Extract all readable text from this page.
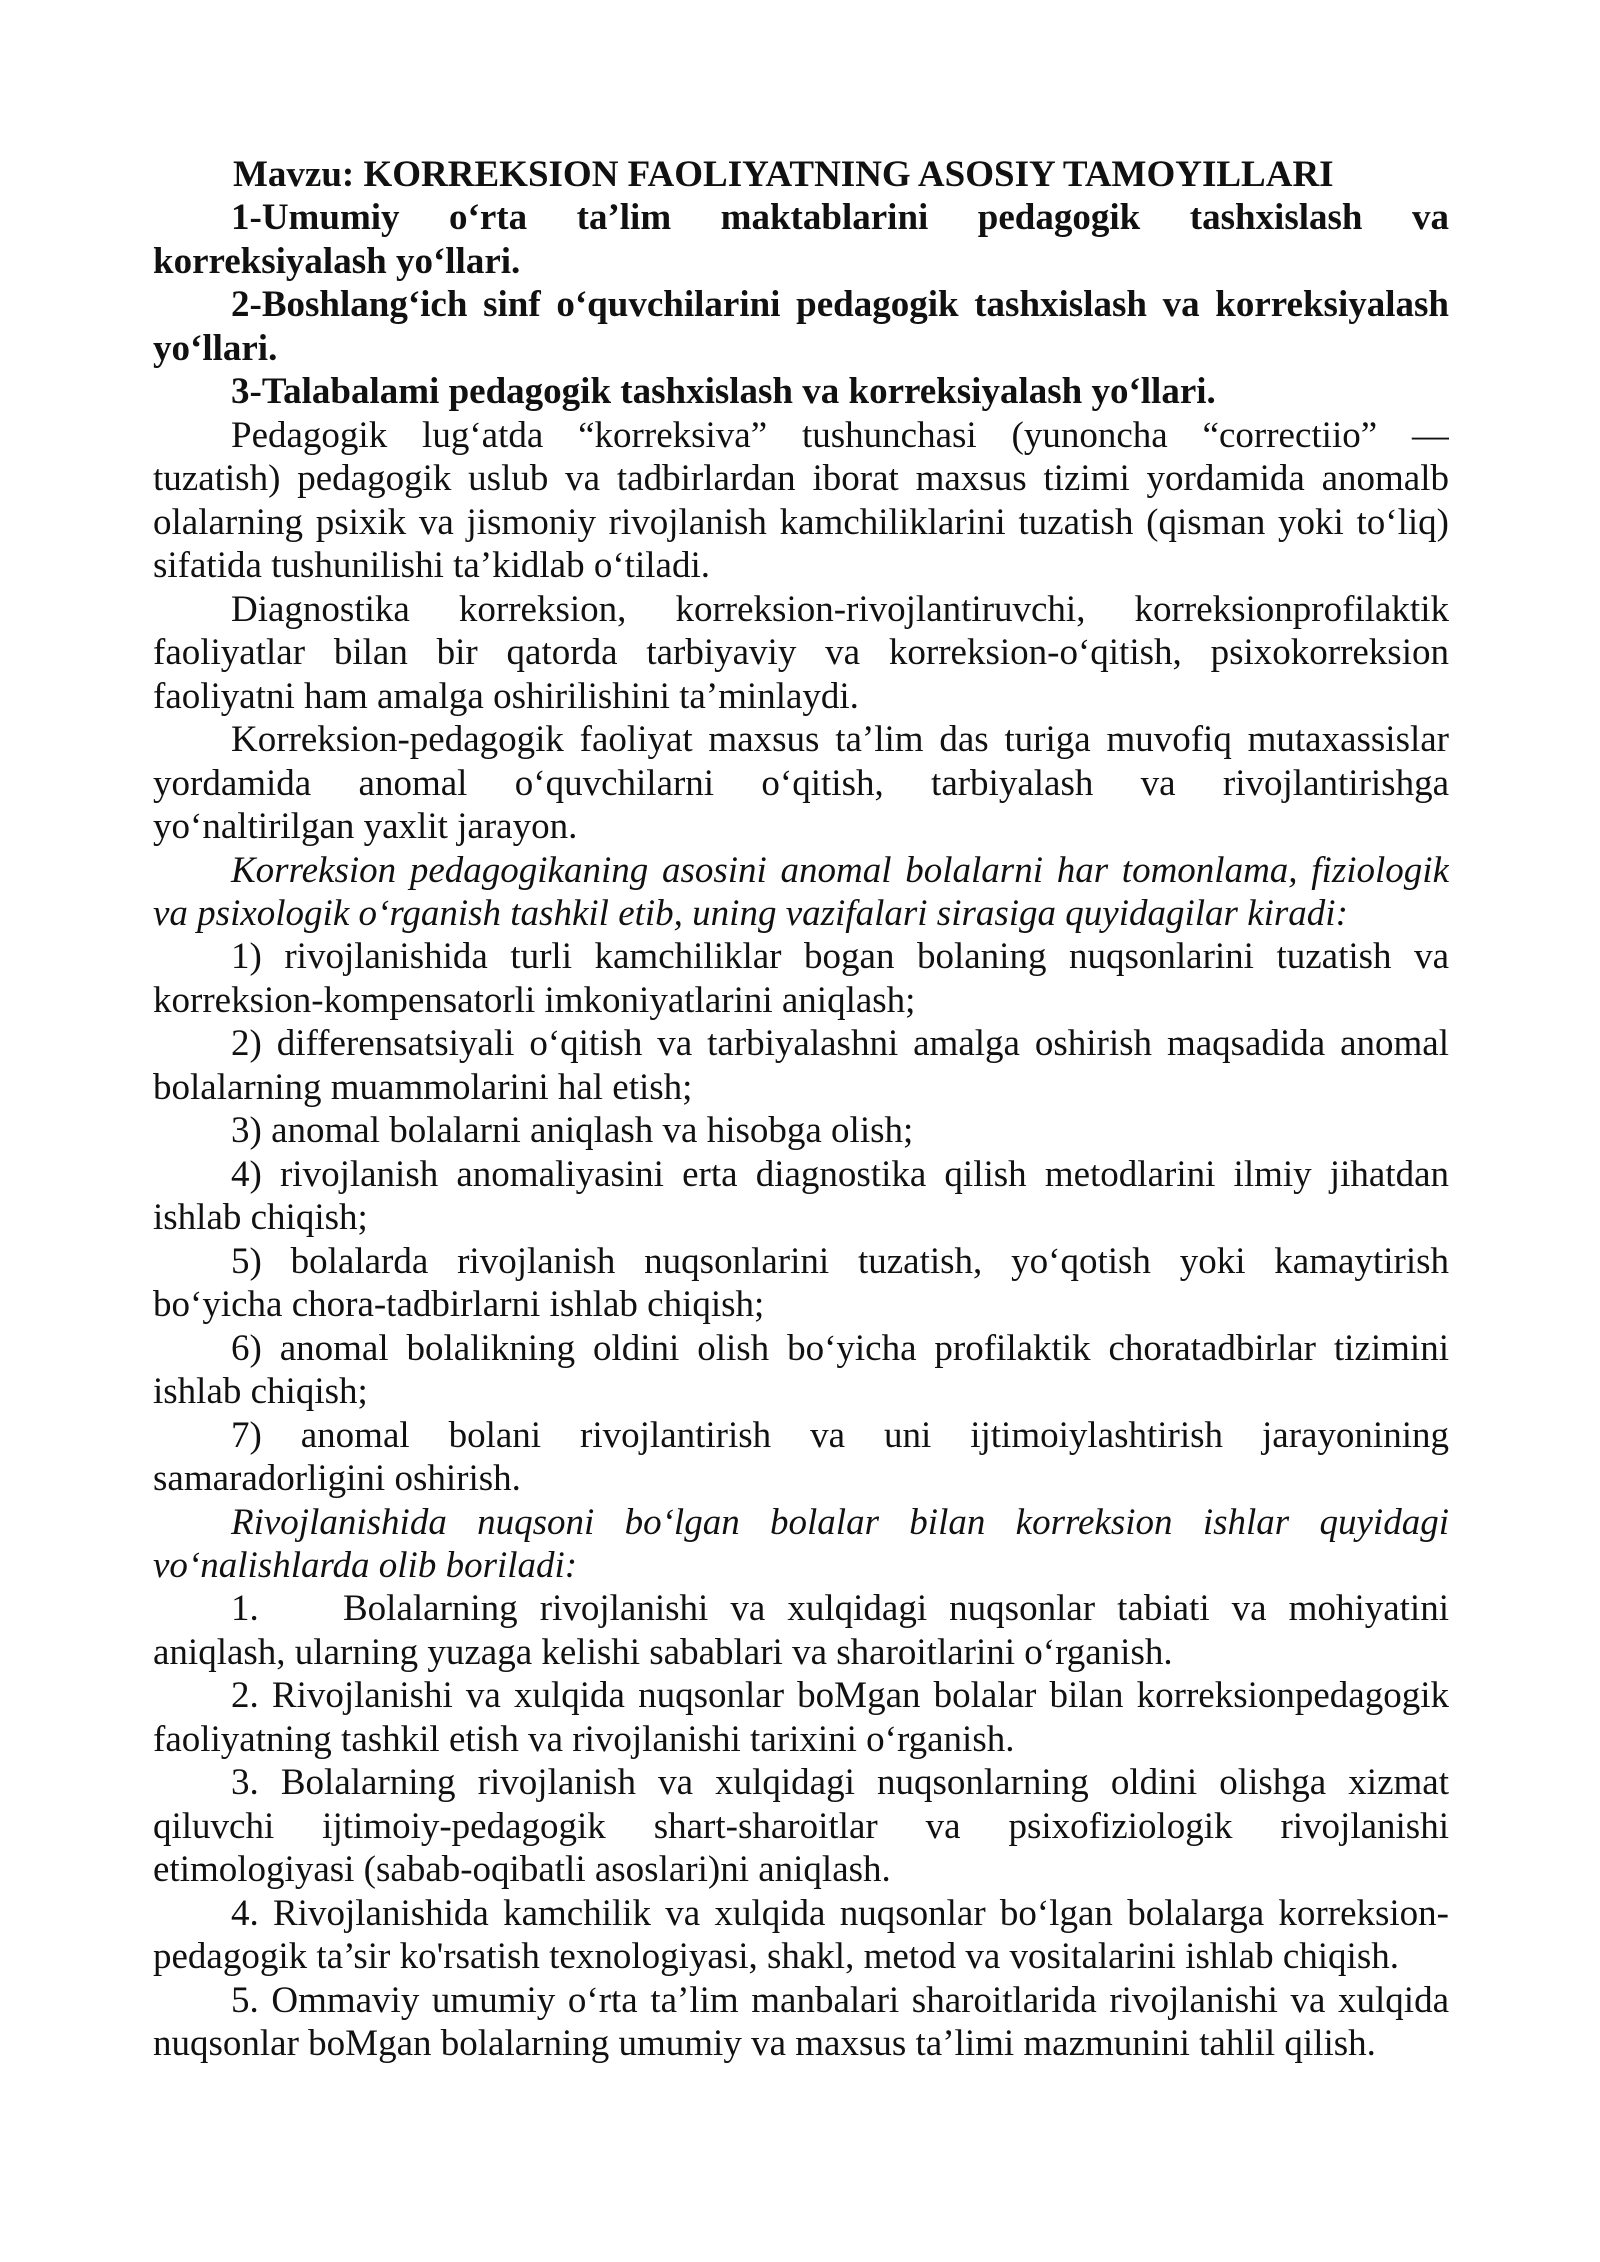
Mavzu: KORREKSION FAOLIYATNING ASOSIY TAMOYILLARI
1-Umumiy o‘rta ta’lim maktablarini pedagogik tashxislash va
korreksiyalash yo‘llari.
2-Boshlang‘ich sinf o‘quvchilarini pedagogik tashxislash va korreksiyalash
yo‘llari.
3-Talabalami pedagogik tashxislash va korreksiyalash yo‘llari.
Pedagogik lug‘atda “korreksiva” tushunchasi (yunoncha “correctiio” —
tuzatish) pedagogik uslub va tadbirlardan iborat maxsus tizimi yordamida anomalb
olalarning psixik va jismoniy rivojlanish kamchiliklarini tuzatish (qisman yoki to‘liq)
sifatida tushunilishi ta’kidlab o‘tiladi.
Diagnostika korreksion, korreksion-rivojlantiruvchi, korreksionprofilaktik
faoliyatlar bilan bir qatorda tarbiyaviy va korreksion-o‘qitish, psixokorreksion
faoliyatni ham amalga oshirilishini ta’minlaydi.
Korreksion-pedagogik faoliyat maxsus ta’lim das turiga muvofiq mutaxassislar
yordamida anomal o‘quvchilarni o‘qitish, tarbiyalash va rivojlantirishga
yo‘naltirilgan yaxlit jarayon.
Korreksion pedagogikaning asosini anomal bolalarni har tomonlama, fiziologik
va psixologik o‘rganish tashkil etib, uning vazifalari sirasiga quyidagilar kiradi:
1) rivojlanishida turli kamchiliklar bogan bolaning nuqsonlarini tuzatish va
korreksion-kompensatorli imkoniyatlarini aniqlash;
2) differensatsiyali o‘qitish va tarbiyalashni amalga oshirish maqsadida anomal
bolalarning muammolarini hal etish;
3) anomal bolalarni aniqlash va hisobga olish;
4) rivojlanish anomaliyasini erta diagnostika qilish metodlarini ilmiy jihatdan
ishlab chiqish;
5) bolalarda rivojlanish nuqsonlarini tuzatish, yo‘qotish yoki kamaytirish
bo‘yicha chora-tadbirlarni ishlab chiqish;
6) anomal bolalikning oldini olish bo‘yicha profilaktik choratadbirlar tizimini
ishlab chiqish;
7) anomal bolani rivojlantirish va uni ijtimoiylashtirish jarayonining
samaradorligini oshirish.
Rivojlanishida nuqsoni bo‘lgan bolalar bilan korreksion ishlar quyidagi
vo‘nalishlarda olib boriladi:
1. Bolalarning rivojlanishi va xulqidagi nuqsonlar tabiati va mohiyatini
aniqlash, ularning yuzaga kelishi sabablari va sharoitlarini o‘rganish.
2. Rivojlanishi va xulqida nuqsonlar boMgan bolalar bilan korreksionpedagogik
faoliyatning tashkil etish va rivojlanishi tarixini o‘rganish.
3. Bolalarning rivojlanish va xulqidagi nuqsonlarning oldini olishga xizmat
qiluvchi ijtimoiy-pedagogik shart-sharoitlar va psixofiziologik rivojlanishi
etimologiyasi (sabab-oqibatli asoslari)ni aniqlash.
4. Rivojlanishida kamchilik va xulqida nuqsonlar bo‘lgan bolalarga korreksion-
pedagogik ta’sir ko'rsatish texnologiyasi, shakl, metod va vositalarini ishlab chiqish.
5. Ommaviy umumiy o‘rta ta’lim manbalari sharoitlarida rivojlanishi va xulqida
nuqsonlar boMgan bolalarning umumiy va maxsus ta’limi mazmunini tahlil qilish.
